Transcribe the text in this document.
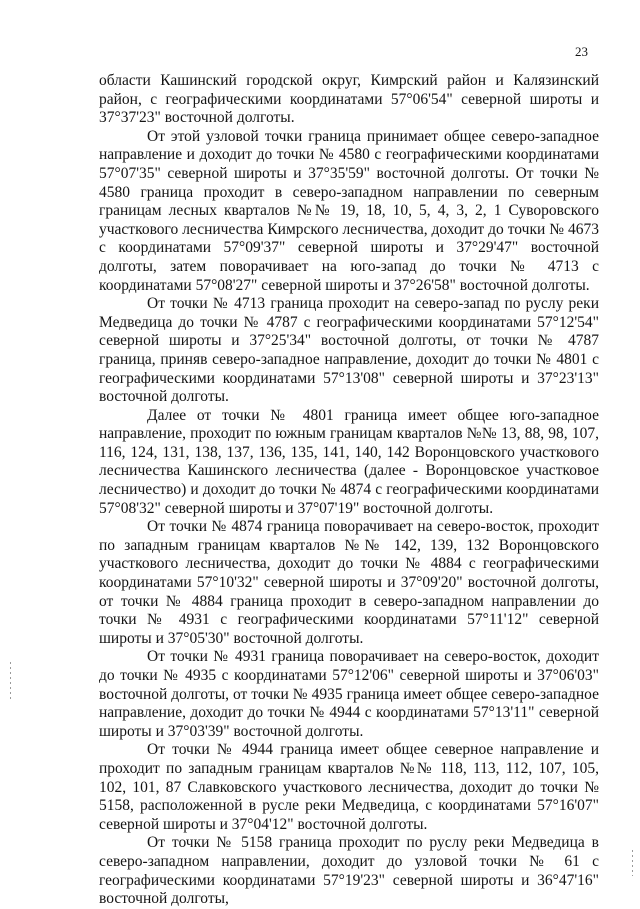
23

области Кашинский городской округ, Кимрский район и Калязинский район, с географическими координатами 57°06'54" северной широты и 37°37'23" восточной долготы.

От этой узловой точки граница принимает общее северо-западное направление и доходит до точки № 4580 с географическими координатами 57°07'35" северной широты и 37°35'59" восточной долготы. От точки № 4580 граница проходит в северо-западном направлении по северным границам лесных кварталов №№ 19, 18, 10, 5, 4, 3, 2, 1 Суворовского участкового лесничества Кимрского лесничества, доходит до точки № 4673 с координатами 57°09'37" северной широты и 37°29'47" восточной долготы, затем поворачивает на юго-запад до точки № 4713 с координатами 57°08'27" северной широты и 37°26'58" восточной долготы.

От точки № 4713 граница проходит на северо-запад по руслу реки Медведица до точки № 4787 с географическими координатами 57°12'54" северной широты и 37°25'34" восточной долготы, от точки № 4787 граница, приняв северо-западное направление, доходит до точки № 4801 с географическими координатами 57°13'08" северной широты и 37°23'13" восточной долготы.

Далее от точки № 4801 граница имеет общее юго-западное направление, проходит по южным границам кварталов №№ 13, 88, 98, 107, 116, 124, 131, 138, 137, 136, 135, 141, 140, 142 Воронцовского участкового лесничества Кашинского лесничества (далее - Воронцовское участковое лесничество) и доходит до точки № 4874 с географическими координатами 57°08'32" северной широты и 37°07'19" восточной долготы.

От точки № 4874 граница поворачивает на северо-восток, проходит по западным границам кварталов №№ 142, 139, 132 Воронцовского участкового лесничества, доходит до точки № 4884 с географическими координатами 57°10'32" северной широты и 37°09'20" восточной долготы, от точки № 4884 граница проходит в северо-западном направлении до точки № 4931 с географическими координатами 57°11'12" северной широты и 37°05'30" восточной долготы.

От точки № 4931 граница поворачивает на северо-восток, доходит до точки № 4935 с координатами 57°12'06" северной широты и 37°06'03" восточной долготы, от точки № 4935 граница имеет общее северо-западное направление, доходит до точки № 4944 с координатами 57°13'11" северной широты и 37°03'39" восточной долготы.

От точки № 4944 граница имеет общее северное направление и проходит по западным границам кварталов №№ 118, 113, 112, 107, 105, 102, 101, 87 Славковского участкового лесничества, доходит до точки № 5158, расположенной в русле реки Медведица, с координатами 57°16'07" северной широты и 37°04'12" восточной долготы.

От точки № 5158 граница проходит по руслу реки Медведица в северо-западном направлении, доходит до узловой точки № 61 с географическими координатами 57°19'23" северной широты и 36°47'16" восточной долготы,
